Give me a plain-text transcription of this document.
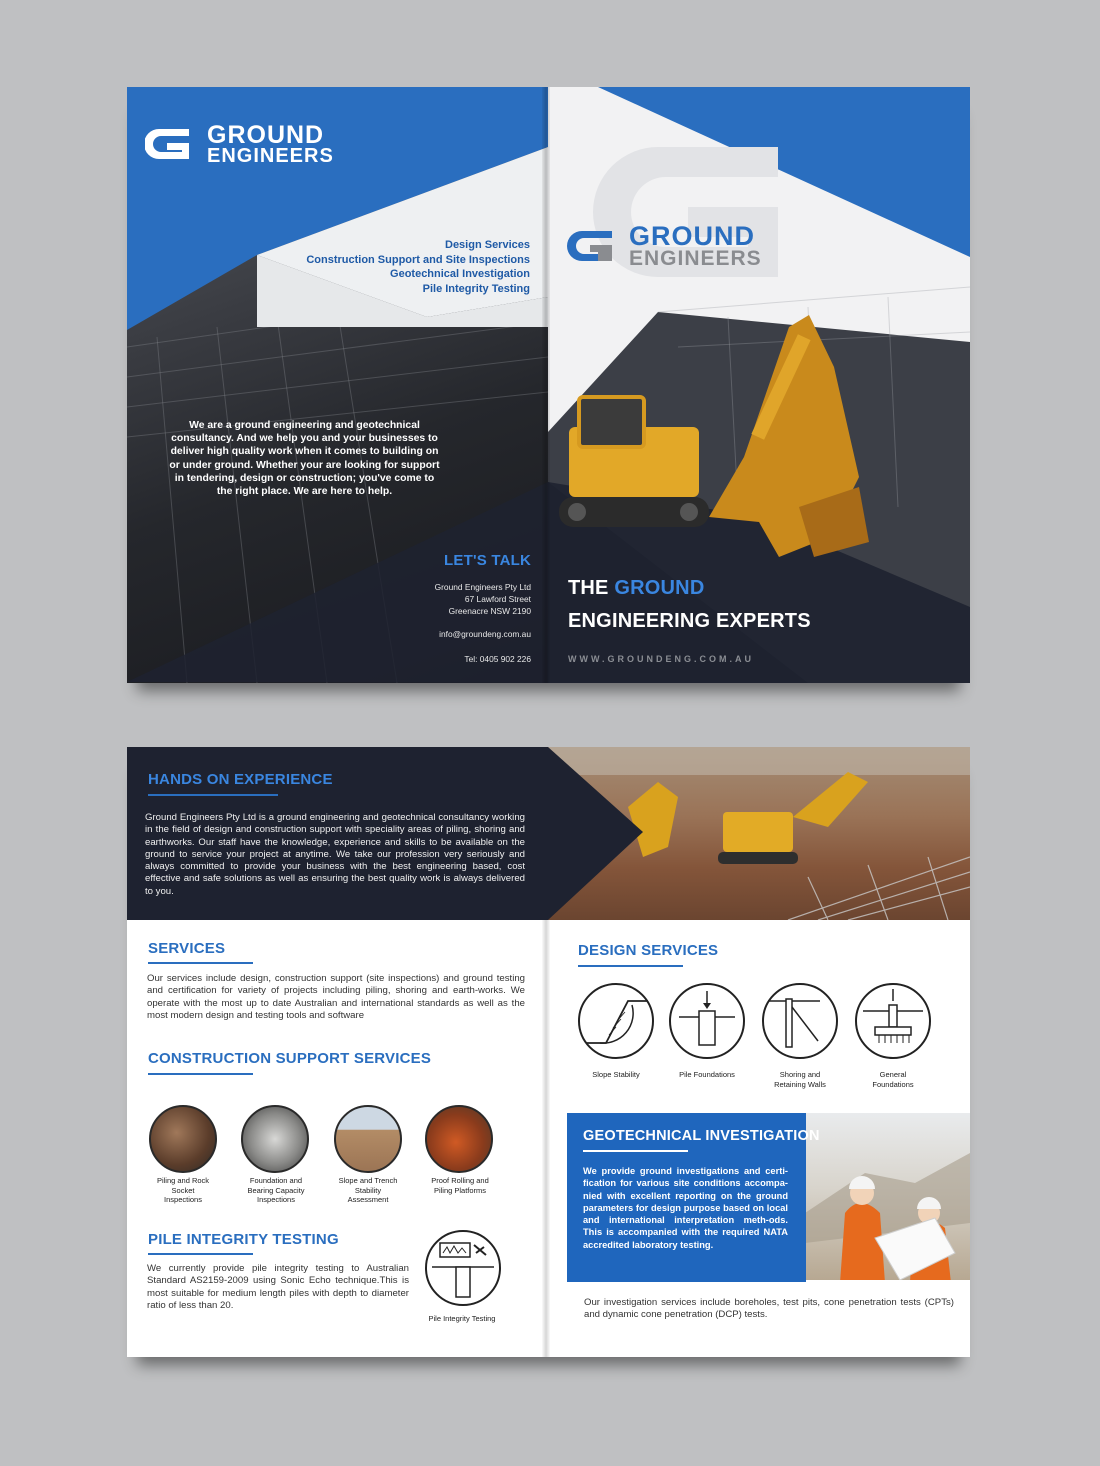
GROUND
ENGINEERS
Design Services
Construction Support and Site Inspections
Geotechnical Investigation
Pile Integrity Testing
We are a ground engineering and geotechnical consultancy. And we help you and your businesses to deliver high quality work when it comes to building on or under ground. Whether your are looking for support in tendering, design or construction; you've come to the right place. We are here to help.
LET'S TALK
Ground Engineers Pty Ltd
67 Lawford Street
Greenacre NSW 2190
info@groundeng.com.au
Tel: 0405 902 226
GROUND
ENGINEERS
THE GROUND
ENGINEERING EXPERTS
WWW.GROUNDENG.COM.AU
HANDS ON EXPERIENCE
Ground Engineers Pty Ltd is a ground engineering and geotechnical consultancy working in the field of design and construction support with speciality areas of piling, shoring and earthworks. Our staff have the knowledge, experience and skills to be available on the ground to service your project at anytime. We take our profession very seriously and always committed to provide your business with the best engineering based, cost effective and safe solutions as well as ensuring the best quality work is always delivered to you.
SERVICES
Our services include design, construction support (site inspections) and ground testing and certification for variety of projects including piling, shoring and earth-works. We operate with the most up to date Australian and international standards as well as the most modern design and testing tools and software
CONSTRUCTION SUPPORT SERVICES
Piling and Rock
Socket
Inspections
Foundation and
Bearing Capacity
Inspections
Slope and Trench
Stability
Assessment
Proof Rolling and
Piling Platforms
PILE INTEGRITY TESTING
We currently provide pile integrity testing to Australian Standard AS2159-2009 using Sonic Echo technique.This is most suitable for medium length piles with depth to diameter ratio of less than 20.
Pile Integrity Testing
DESIGN SERVICES
Slope Stability	Pile Foundations	Shoring and
Retaining Walls
General
Foundations
GEOTECHNICAL INVESTIGATION
We provide ground investigations and certi-fication for various site conditions accompa-nied with excellent reporting on the ground parameters for design purpose based on local and international interpretation meth-ods. This is accompanied with the required NATA accredited laboratory testing.
Our investigation services include boreholes, test pits, cone penetration tests (CPTs) and dynamic cone penetration (DCP) tests.
